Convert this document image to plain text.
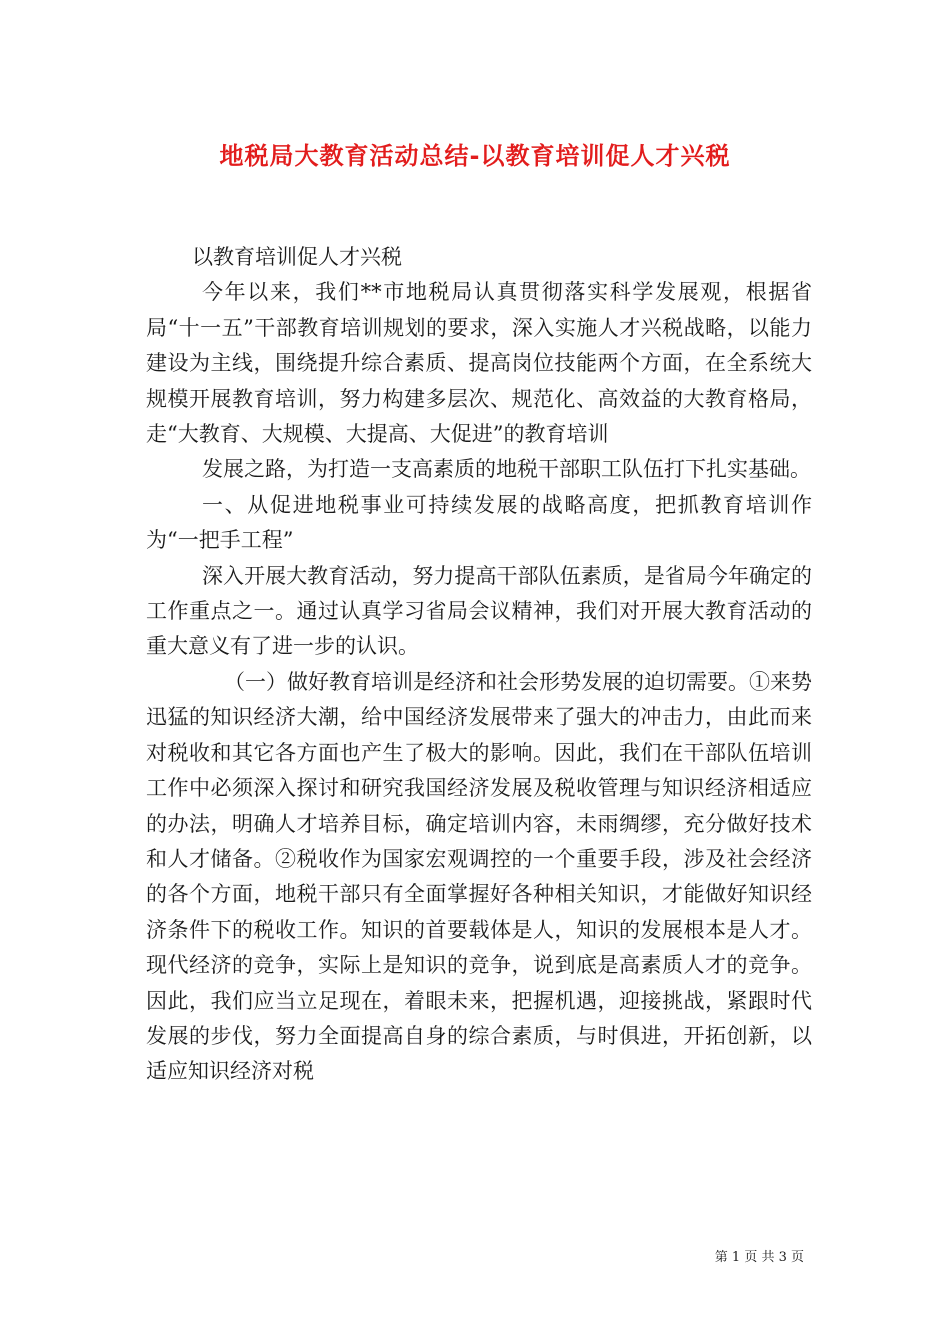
地税局大教育活动总结-以教育培训促人才兴税

以教育培训促人才兴税

今年以来，我们**市地税局认真贯彻落实科学发展观，根据省局“十一五”干部教育培训规划的要求，深入实施人才兴税战略，以能力建设为主线，围绕提升综合素质、提高岗位技能两个方面，在全系统大规模开展教育培训，努力构建多层次、规范化、高效益的大教育格局，走“大教育、大规模、大提高、大促进”的教育培训

发展之路，为打造一支高素质的地税干部职工队伍打下扎实基础。

一、从促进地税事业可持续发展的战略高度，把抓教育培训作为“一把手工程”

深入开展大教育活动，努力提高干部队伍素质，是省局今年确定的工作重点之一。通过认真学习省局会议精神，我们对开展大教育活动的重大意义有了进一步的认识。

（一）做好教育培训是经济和社会形势发展的迫切需要。①来势迅猛的知识经济大潮，给中国经济发展带来了强大的冲击力，由此而来对税收和其它各方面也产生了极大的影响。因此，我们在干部队伍培训工作中必须深入探讨和研究我国经济发展及税收管理与知识经济相适应的办法，明确人才培养目标，确定培训内容，未雨绸缪，充分做好技术和人才储备。②税收作为国家宏观调控的一个重要手段，涉及社会经济的各个方面，地税干部只有全面掌握好各种相关知识，才能做好知识经济条件下的税收工作。知识的首要载体是人，知识的发展根本是人才。现代经济的竞争，实际上是知识的竞争，说到底是高素质人才的竞争。因此，我们应当立足现在，着眼未来，把握机遇，迎接挑战，紧跟时代发展的步伐，努力全面提高自身的综合素质，与时俱进，开拓创新，以适应知识经济对税

第 1 页 共 3 页
